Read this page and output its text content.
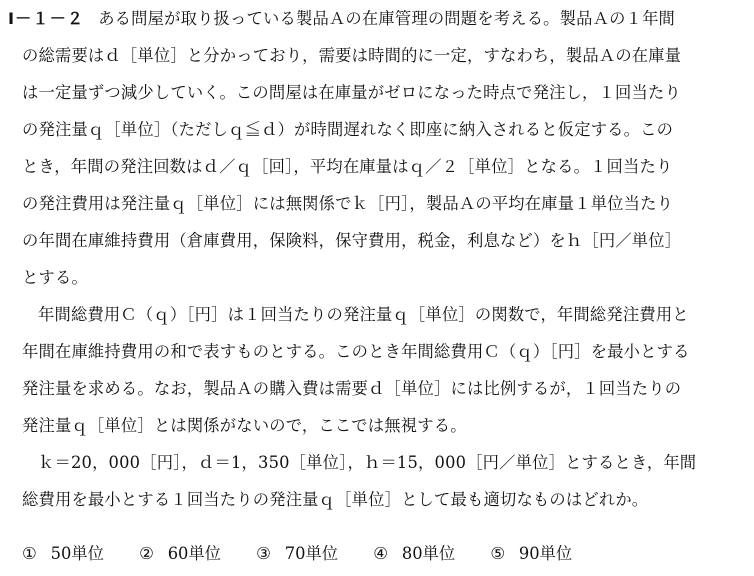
Ⅰ－１－２ ある問屋が取り扱っている製品Ａの在庫管理の問題を考える。製品Ａの１年間
の総需要はｄ［単位］と分かっており，需要は時間的に一定，すなわち，製品Ａの在庫量
は一定量ずつ減少していく。この問屋は在庫量がゼロになった時点で発注し，１回当たり
の発注量ｑ［単位］（ただしｑ≦ｄ）が時間遅れなく即座に納入されると仮定する。この
とき，年間の発注回数はｄ／ｑ［回］，平均在庫量はｑ／２［単位］となる。１回当たり
の発注費用は発注量ｑ［単位］には無関係でｋ［円］，製品Ａの平均在庫量１単位当たり
の年間在庫維持費用（倉庫費用，保険料，保守費用，税金，利息など）をｈ［円／単位］
とする。
年間総費用Ｃ（ｑ）［円］は１回当たりの発注量ｑ［単位］の関数で，年間総発注費用と
年間在庫維持費用の和で表すものとする。このとき年間総費用Ｃ（ｑ）［円］を最小とする
発注量を求める。なお，製品Ａの購入費は需要ｄ［単位］には比例するが，１回当たりの
発注量ｑ［単位］とは関係がないので，ここでは無視する。
ｋ＝20，000［円］，ｄ＝1，350［単位］，ｈ＝15，000［円／単位］とするとき，年間
総費用を最小とする１回当たりの発注量ｑ［単位］として最も適切なものはどれか。
① 50単位 ② 60単位 ③ 70単位 ④ 80単位 ⑤ 90単位
